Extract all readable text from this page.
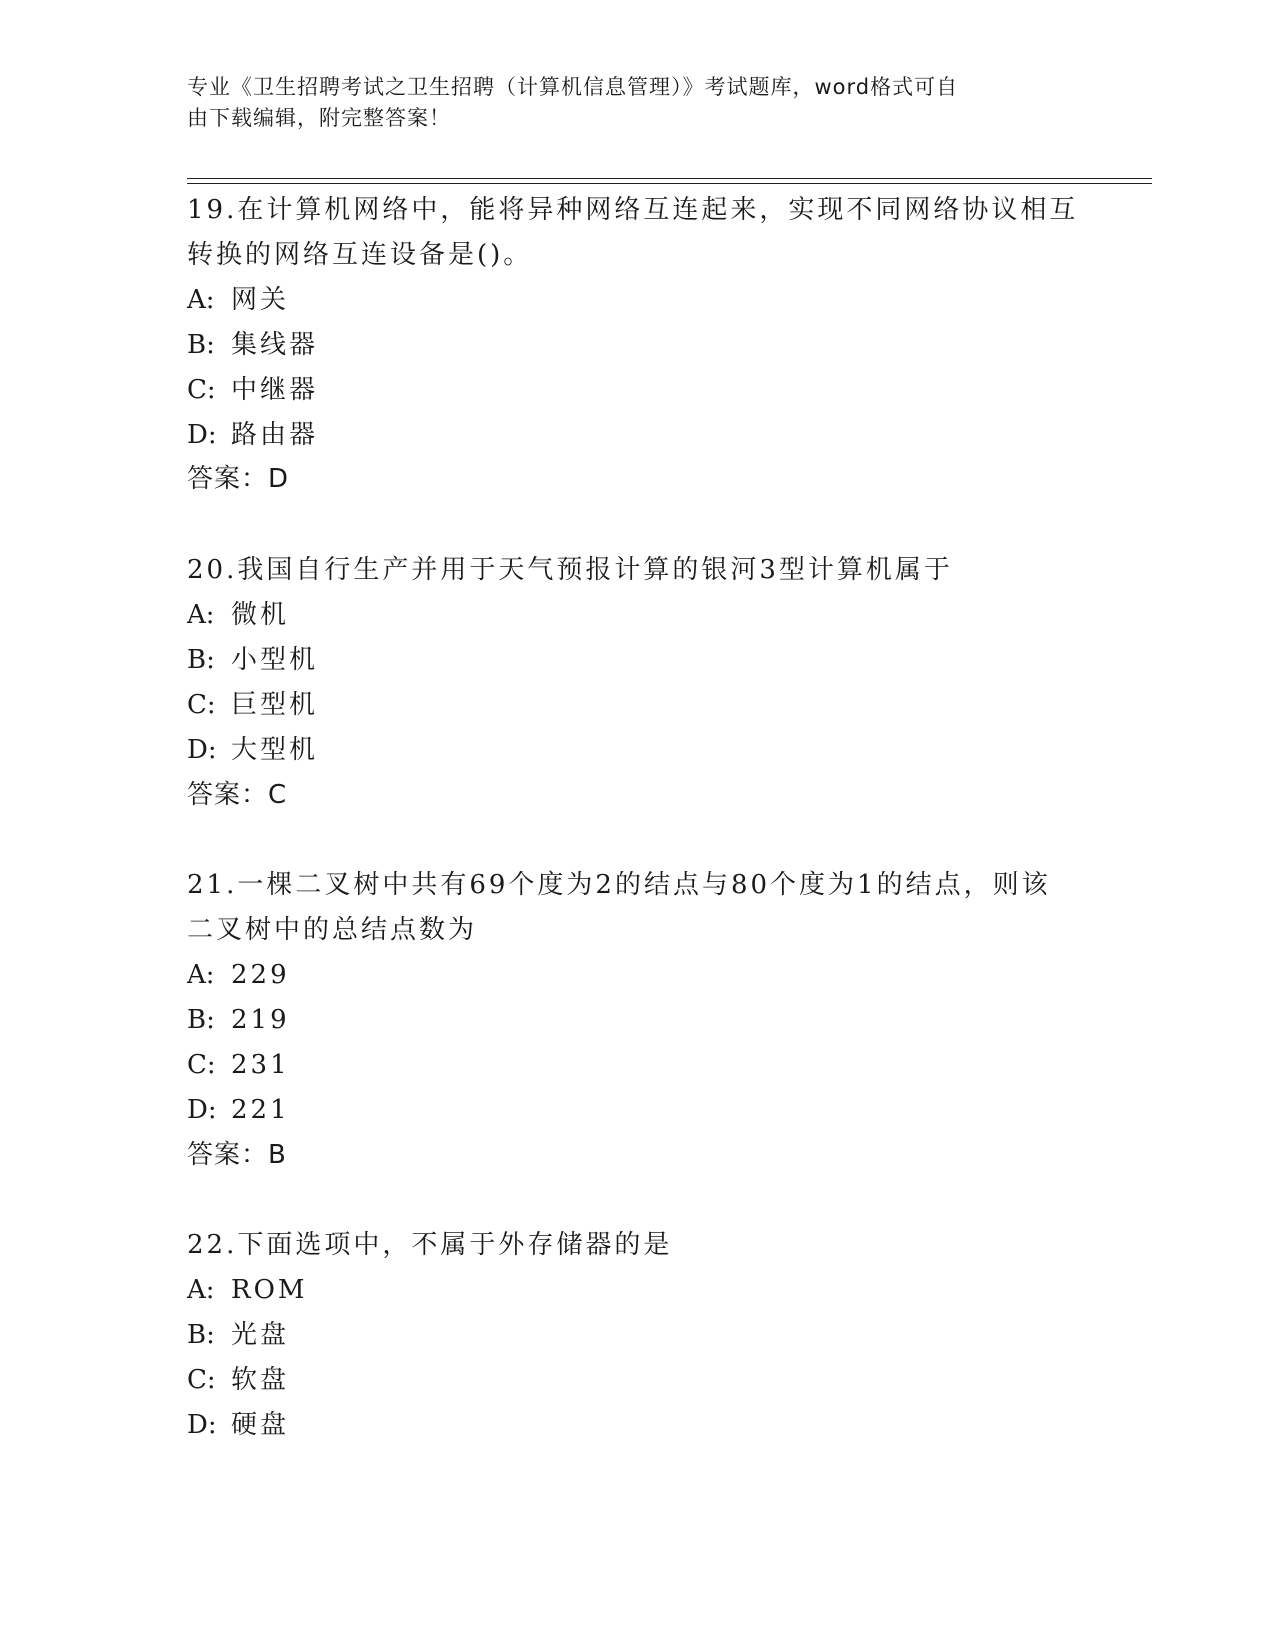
专业《卫生招聘考试之卫生招聘（计算机信息管理）》考试题库，word格式可自
由下载编辑，附完整答案！
19.在计算机网络中，能将异种网络互连起来，实现不同网络协议相互
转换的网络互连设备是()。
A: 网关
B: 集线器
C: 中继器
D: 路由器
答案：D
20.我国自行生产并用于天气预报计算的银河3型计算机属于
A: 微机
B: 小型机
C: 巨型机
D: 大型机
答案：C
21.一棵二叉树中共有69个度为2的结点与80个度为1的结点，则该
二叉树中的总结点数为
A: 229
B: 219
C: 231
D: 221
答案：B
22.下面选项中，不属于外存储器的是
A: ROM
B: 光盘
C: 软盘
D: 硬盘
